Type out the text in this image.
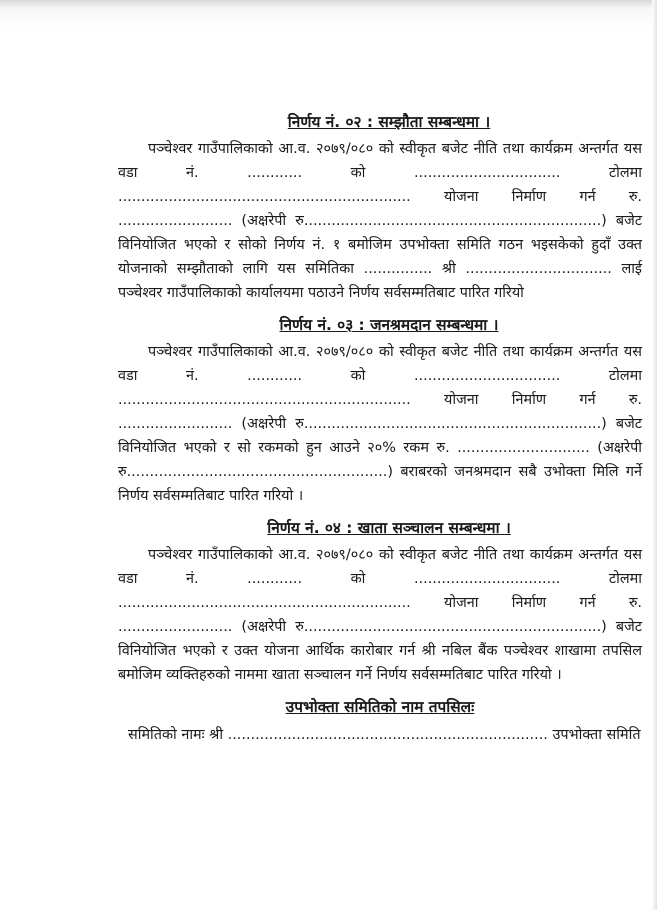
निर्णय नं. ०२ : सम्झौता सम्बन्धमा ।

पञ्चेश्वर गाउँपालिकाको आ.व. २०७९/०८० को स्वीकृत बजेट नीति तथा कार्यक्रम अन्तर्गत यस वडा नं. ............ को ................................ टोलमा ................................................................ योजना निर्माण गर्न रु. ......................... (अक्षरेपी रु.................................................................) बजेट विनियोजित भएको र सोको निर्णय नं. १ बमोजिम उपभोक्ता समिति गठन भइसकेको हुदाँ उक्त योजनाको सम्झौताको लागि यस समितिका ............... श्री ................................ लाई पञ्चेश्वर गाउँपालिकाको कार्यालयमा पठाउने निर्णय सर्वसम्मतिबाट पारित गरियो

निर्णय नं. ०३ : जनश्रमदान सम्बन्धमा ।

पञ्चेश्वर गाउँपालिकाको आ.व. २०७९/०८० को स्वीकृत बजेट नीति तथा कार्यक्रम अन्तर्गत यस वडा नं. ............ को ................................ टोलमा ................................................................ योजना निर्माण गर्न रु. ......................... (अक्षरेपी रु.................................................................) बजेट विनियोजित भएको र सो रकमको हुन आउने २०% रकम रु. ............................. (अक्षरेपी रु.........................................................) बराबरको जनश्रमदान सबै उभोक्ता मिलि गर्ने निर्णय सर्वसम्मतिबाट पारित गरियो ।

निर्णय नं. ०४ : खाता सञ्चालन सम्बन्धमा ।

पञ्चेश्वर गाउँपालिकाको आ.व. २०७९/०८० को स्वीकृत बजेट नीति तथा कार्यक्रम अन्तर्गत यस वडा नं. ............ को ................................ टोलमा ................................................................ योजना निर्माण गर्न रु. ......................... (अक्षरेपी रु.................................................................) बजेट विनियोजित भएको र उक्त योजना आर्थिक कारोबार गर्न श्री नबिल बैंक पञ्चेश्वर शाखामा तपसिल बमोजिम व्यक्तिहरुको नाममा खाता सञ्चालन गर्ने निर्णय सर्वसम्मतिबाट पारित गरियो ।

उपभोक्ता समितिको नाम तपसिलः

समितिको नामः श्री ...................................................................... उपभोक्ता समिति
